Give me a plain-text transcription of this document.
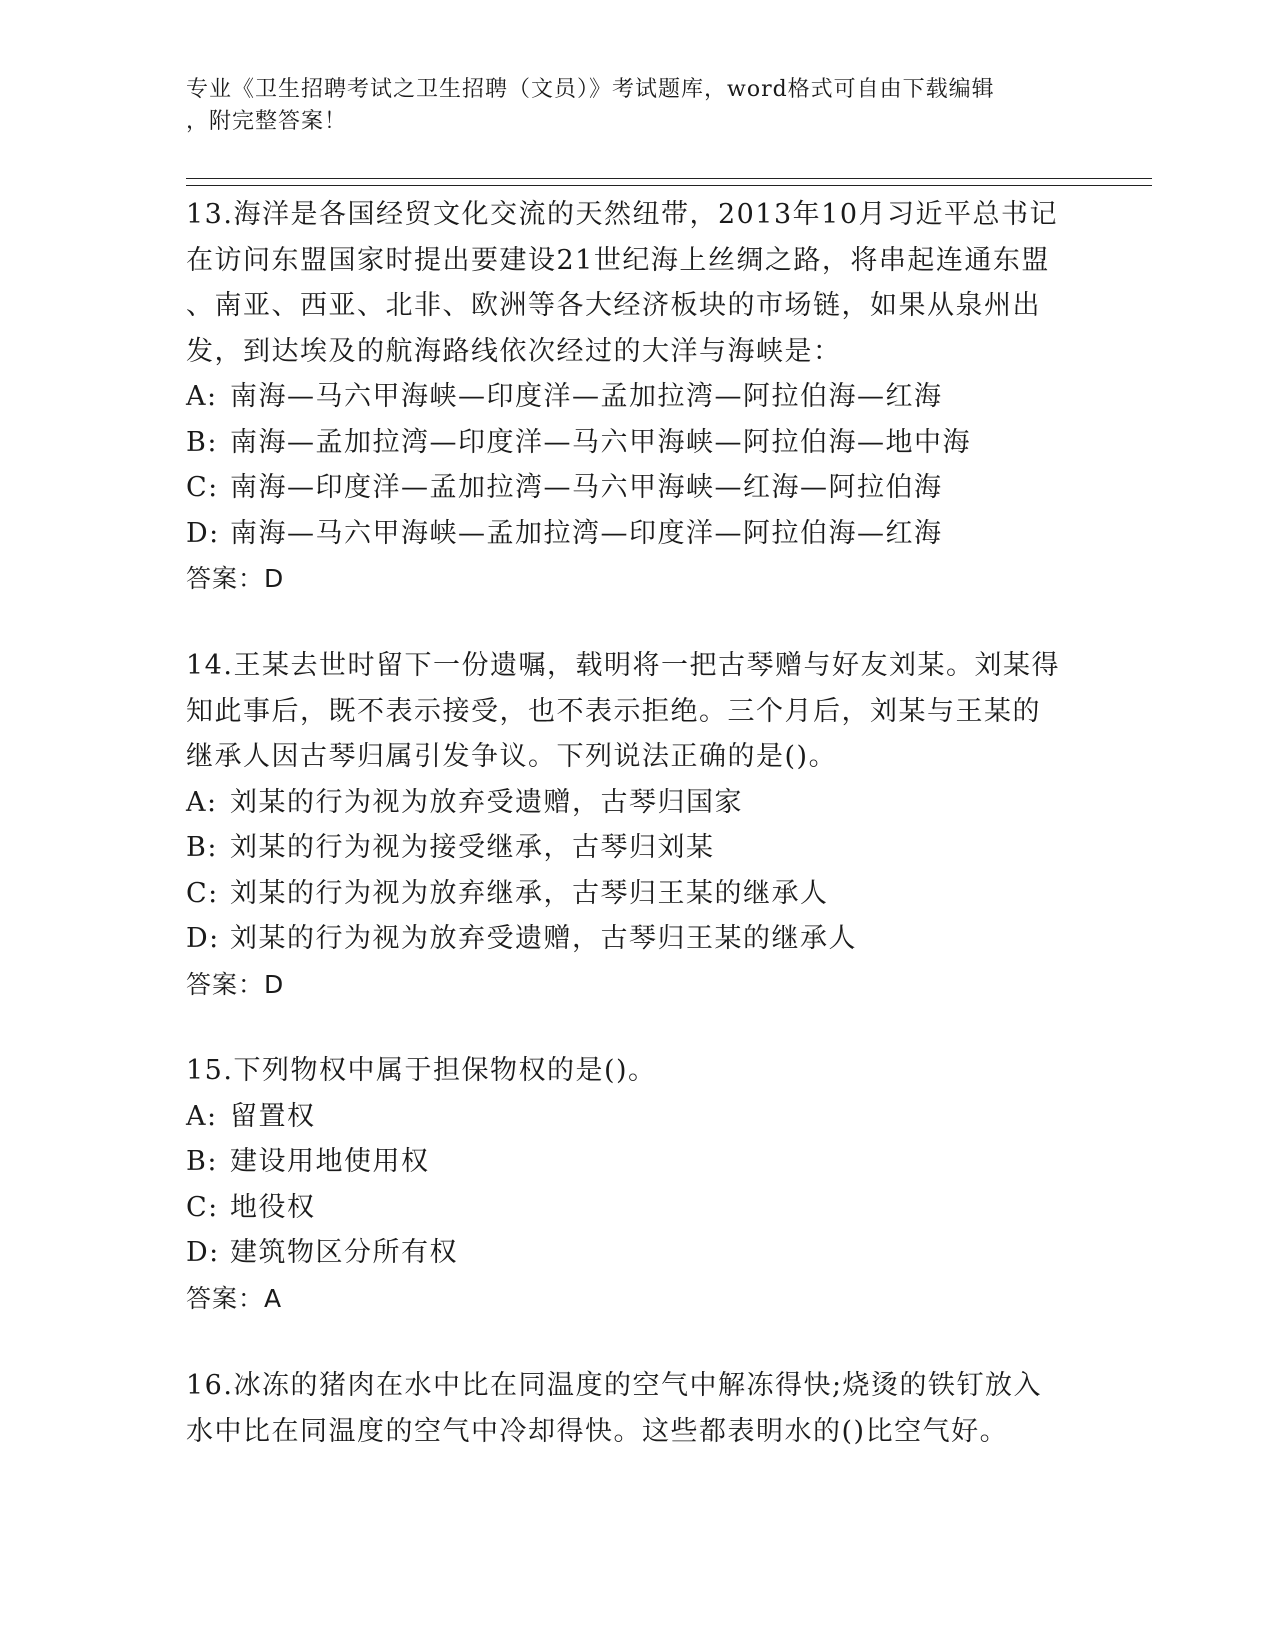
专业《卫生招聘考试之卫生招聘（文员）》考试题库，word格式可自由下载编辑
，附完整答案！
13.海洋是各国经贸文化交流的天然纽带，2013年10月习近平总书记
在访问东盟国家时提出要建设21世纪海上丝绸之路，将串起连通东盟
、南亚、西亚、北非、欧洲等各大经济板块的市场链，如果从泉州出
发，到达埃及的航海路线依次经过的大洋与海峡是：
A: 南海—马六甲海峡—印度洋—孟加拉湾—阿拉伯海—红海
B: 南海—孟加拉湾—印度洋—马六甲海峡—阿拉伯海—地中海
C: 南海—印度洋—孟加拉湾—马六甲海峡—红海—阿拉伯海
D: 南海—马六甲海峡—孟加拉湾—印度洋—阿拉伯海—红海
答案：D
14.王某去世时留下一份遗嘱，载明将一把古琴赠与好友刘某。刘某得
知此事后，既不表示接受，也不表示拒绝。三个月后，刘某与王某的
继承人因古琴归属引发争议。下列说法正确的是()。
A: 刘某的行为视为放弃受遗赠，古琴归国家
B: 刘某的行为视为接受继承，古琴归刘某
C: 刘某的行为视为放弃继承，古琴归王某的继承人
D: 刘某的行为视为放弃受遗赠，古琴归王某的继承人
答案：D
15.下列物权中属于担保物权的是()。
A: 留置权
B: 建设用地使用权
C: 地役权
D: 建筑物区分所有权
答案：A
16.冰冻的猪肉在水中比在同温度的空气中解冻得快;烧烫的铁钉放入
水中比在同温度的空气中冷却得快。这些都表明水的()比空气好。
